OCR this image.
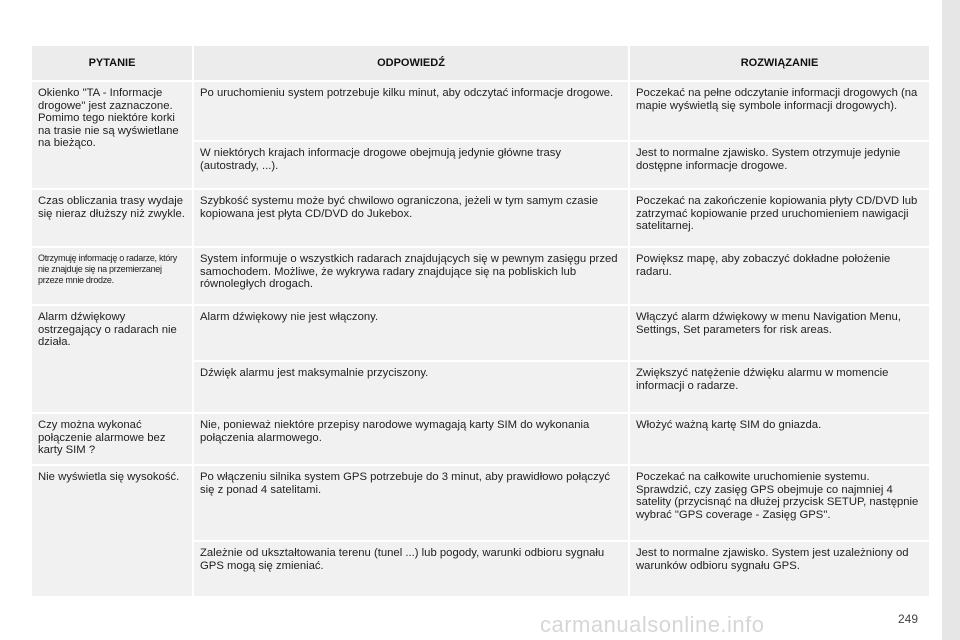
PYTANIE	ODPOWIEDŹ	ROZWIĄZANIE
Okienko "TA - Informacje drogowe" jest zaznaczone. Pomimo tego niektóre korki na trasie nie są wyświetlane na bieżąco.	Po uruchomieniu system potrzebuje kilku minut, aby odczytać informacje drogowe.	Poczekać na pełne odczytanie informacji drogowych (na mapie wyświetlą się symbole informacji drogowych).
	W niektórych krajach informacje drogowe obejmują jedynie główne trasy (autostrady, ...).	Jest to normalne zjawisko. System otrzymuje jedynie dostępne informacje drogowe.
Czas obliczania trasy wydaje się nieraz dłuższy niż zwykle.	Szybkość systemu może być chwilowo ograniczona, jeżeli w tym samym czasie kopiowana jest płyta CD/DVD do Jukebox.	Poczekać na zakończenie kopiowania płyty CD/DVD lub zatrzymać kopiowanie przed uruchomieniem nawigacji satelitarnej.
Otrzymuję informację o radarze, który nie znajduje się na przemierzanej przeze mnie drodze.	System informuje o wszystkich radarach znajdujących się w pewnym zasięgu przed samochodem. Możliwe, że wykrywa radary znajdujące się na pobliskich lub równoległych drogach.	Powiększ mapę, aby zobaczyć dokładne położenie radaru.
Alarm dźwiękowy ostrzegający o radarach nie działa.	Alarm dźwiękowy nie jest włączony.	Włączyć alarm dźwiękowy w menu Navigation Menu, Settings, Set parameters for risk areas.
	Dźwięk alarmu jest maksymalnie przyciszony.	Zwiększyć natężenie dźwięku alarmu w momencie informacji o radarze.
Czy można wykonać połączenie alarmowe bez karty SIM ?	Nie, ponieważ niektóre przepisy narodowe wymagają karty SIM do wykonania połączenia alarmowego.	Włożyć ważną kartę SIM do gniazda.
Nie wyświetla się wysokość.	Po włączeniu silnika system GPS potrzebuje do 3 minut, aby prawidłowo połączyć się z ponad 4 satelitami.	Poczekać na całkowite uruchomienie systemu. Sprawdzić, czy zasięg GPS obejmuje co najmniej 4 satelity (przycisnąć na dłużej przycisk SETUP, następnie wybrać "GPS coverage - Zasięg GPS".
	Zależnie od ukształtowania terenu (tunel ...) lub pogody, warunki odbioru sygnału GPS mogą się zmieniać.	Jest to normalne zjawisko. System jest uzależniony od warunków odbioru sygnału GPS.
carmanualsonline.info	249
